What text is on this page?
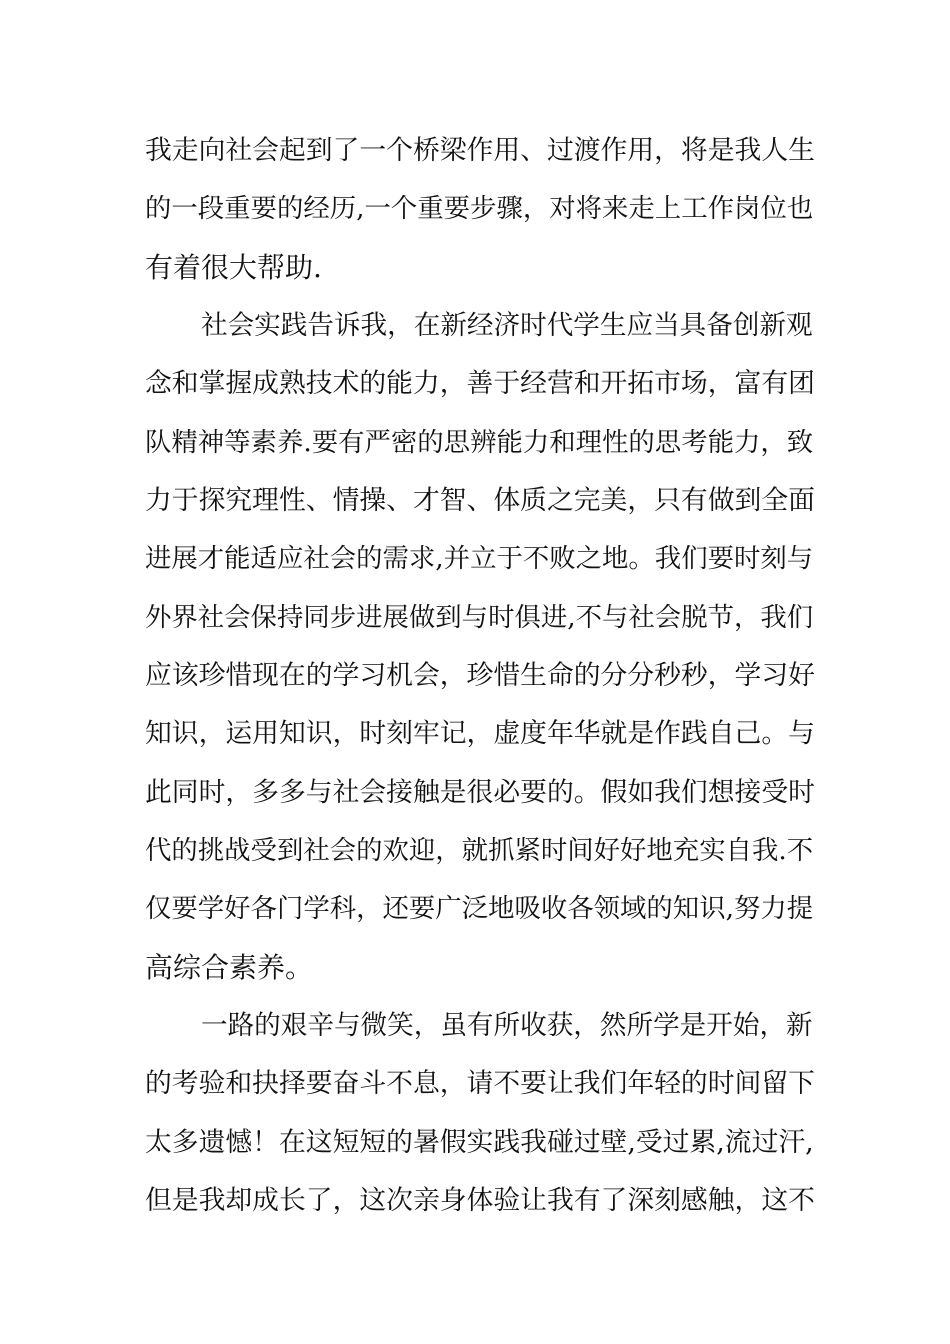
我走向社会起到了一个桥梁作用、过渡作用，将是我人生
的一段重要的经历,一个重要步骤，对将来走上工作岗位也
有着很大帮助.
社会实践告诉我，在新经济时代学生应当具备创新观
念和掌握成熟技术的能力，善于经营和开拓市场，富有团
队精神等素养.要有严密的思辨能力和理性的思考能力，致
力于探究理性、情操、才智、体质之完美，只有做到全面
进展才能适应社会的需求,并立于不败之地。我们要时刻与
外界社会保持同步进展做到与时俱进,不与社会脱节，我们
应该珍惜现在的学习机会，珍惜生命的分分秒秒，学习好
知识，运用知识，时刻牢记，虚度年华就是作践自己。与
此同时，多多与社会接触是很必要的。假如我们想接受时
代的挑战受到社会的欢迎，就抓紧时间好好地充实自我.不
仅要学好各门学科，还要广泛地吸收各领域的知识,努力提
高综合素养。
一路的艰辛与微笑，虽有所收获，然所学是开始，新
的考验和抉择要奋斗不息，请不要让我们年轻的时间留下
太多遗憾！在这短短的暑假实践我碰过壁,受过累,流过汗,
但是我却成长了，这次亲身体验让我有了深刻感触，这不
